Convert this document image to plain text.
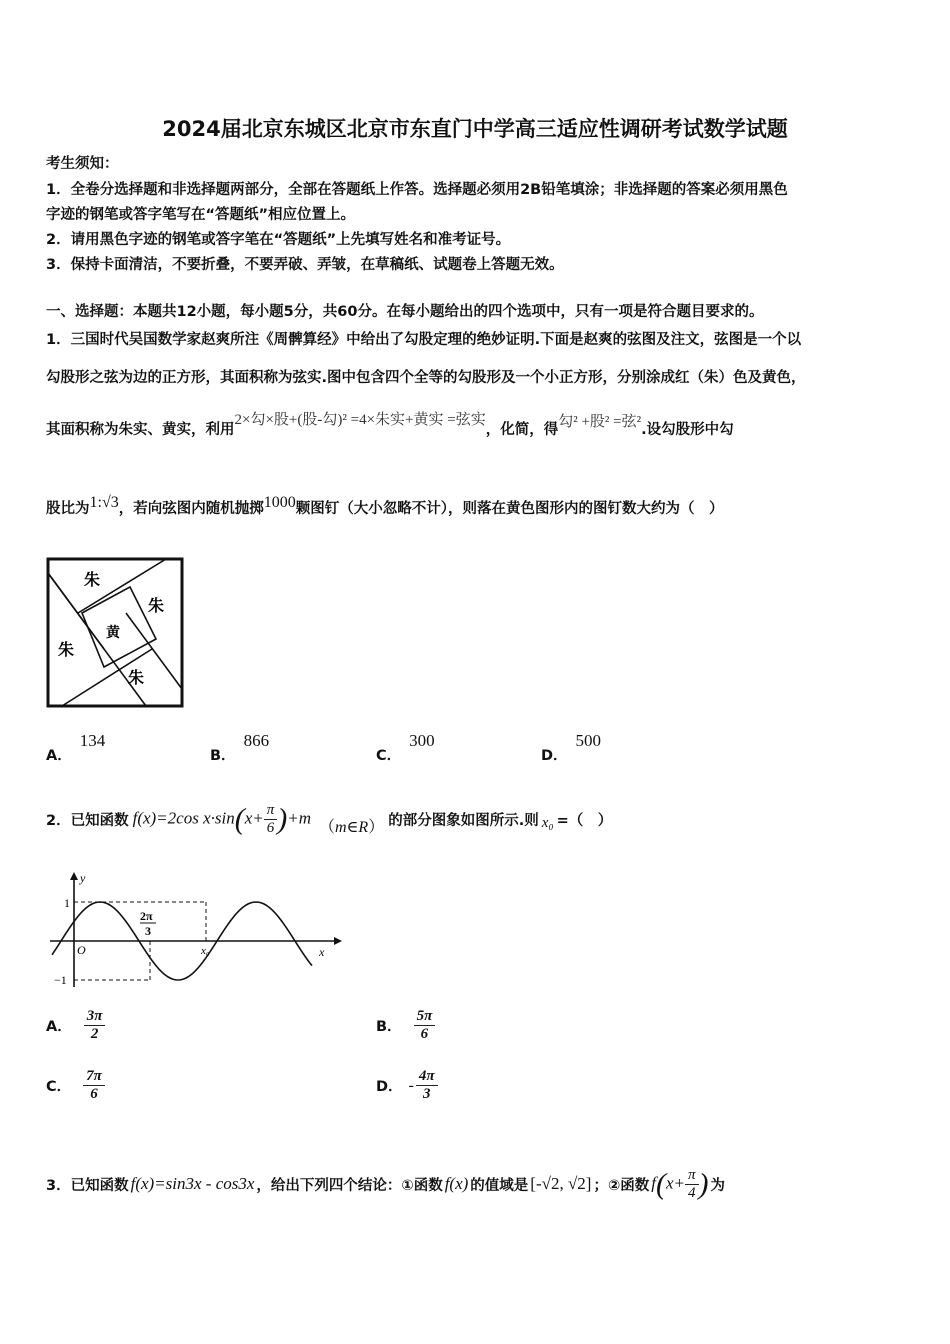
2024届北京东城区北京市东直门中学高三适应性调研考试数学试题
考生须知：
1．全卷分选择题和非选择题两部分，全部在答题纸上作答。选择题必须用2B铅笔填涂；非选择题的答案必须用黑色
字迹的钢笔或答字笔写在“答题纸”相应位置上。
2．请用黑色字迹的钢笔或答字笔在“答题纸”上先填写姓名和准考证号。
3．保持卡面清洁，不要折叠，不要弄破、弄皱，在草稿纸、试题卷上答题无效。
一、选择题：本题共12小题，每小题5分，共60分。在每小题给出的四个选项中，只有一项是符合题目要求的。
1．三国时代吴国数学家赵爽所注《周髀算经》中给出了勾股定理的绝妙证明.下面是赵爽的弦图及注文，弦图是一个以
勾股形之弦为边的正方形，其面积称为弦实.图中包含四个全等的勾股形及一个小正方形，分别涂成红（朱）色及黄色，
其面积称为朱实、黄实，利用2×勾×股+(股-勾)² =4×朱实+黄实 =弦实，化简，得勾² +股² =弦².设勾股形中勾
股比为1:√3，若向弦图内随机抛掷1000颗图钉（大小忽略不计），则落在黄色图形内的图钉数大约为（　）
朱
朱
黄
朱
朱
A．134
B．866
C．300
D．500
2．已知函数 f(x)=2cos $x\cdot\sin(x+ \frac{\pi}{6} )+m$
（m∈R） 的部分图象如图所示.则 x₀ =（　）
y
x
1
−1
O
2π
3
x₀
A． $\frac{3\pi}{2}$	B． $\frac{5\pi}{6}$
C． $\frac{7\pi}{6}$	D． - $\frac{4\pi}{3}$
3．已知函数 f(x)=sin3x - cos3x ，给出下列四个结论：①函数 f(x) 的值域是 [-√2, √2] ；②函数 $f(x+ \frac{\pi}{4}$ ) 为
